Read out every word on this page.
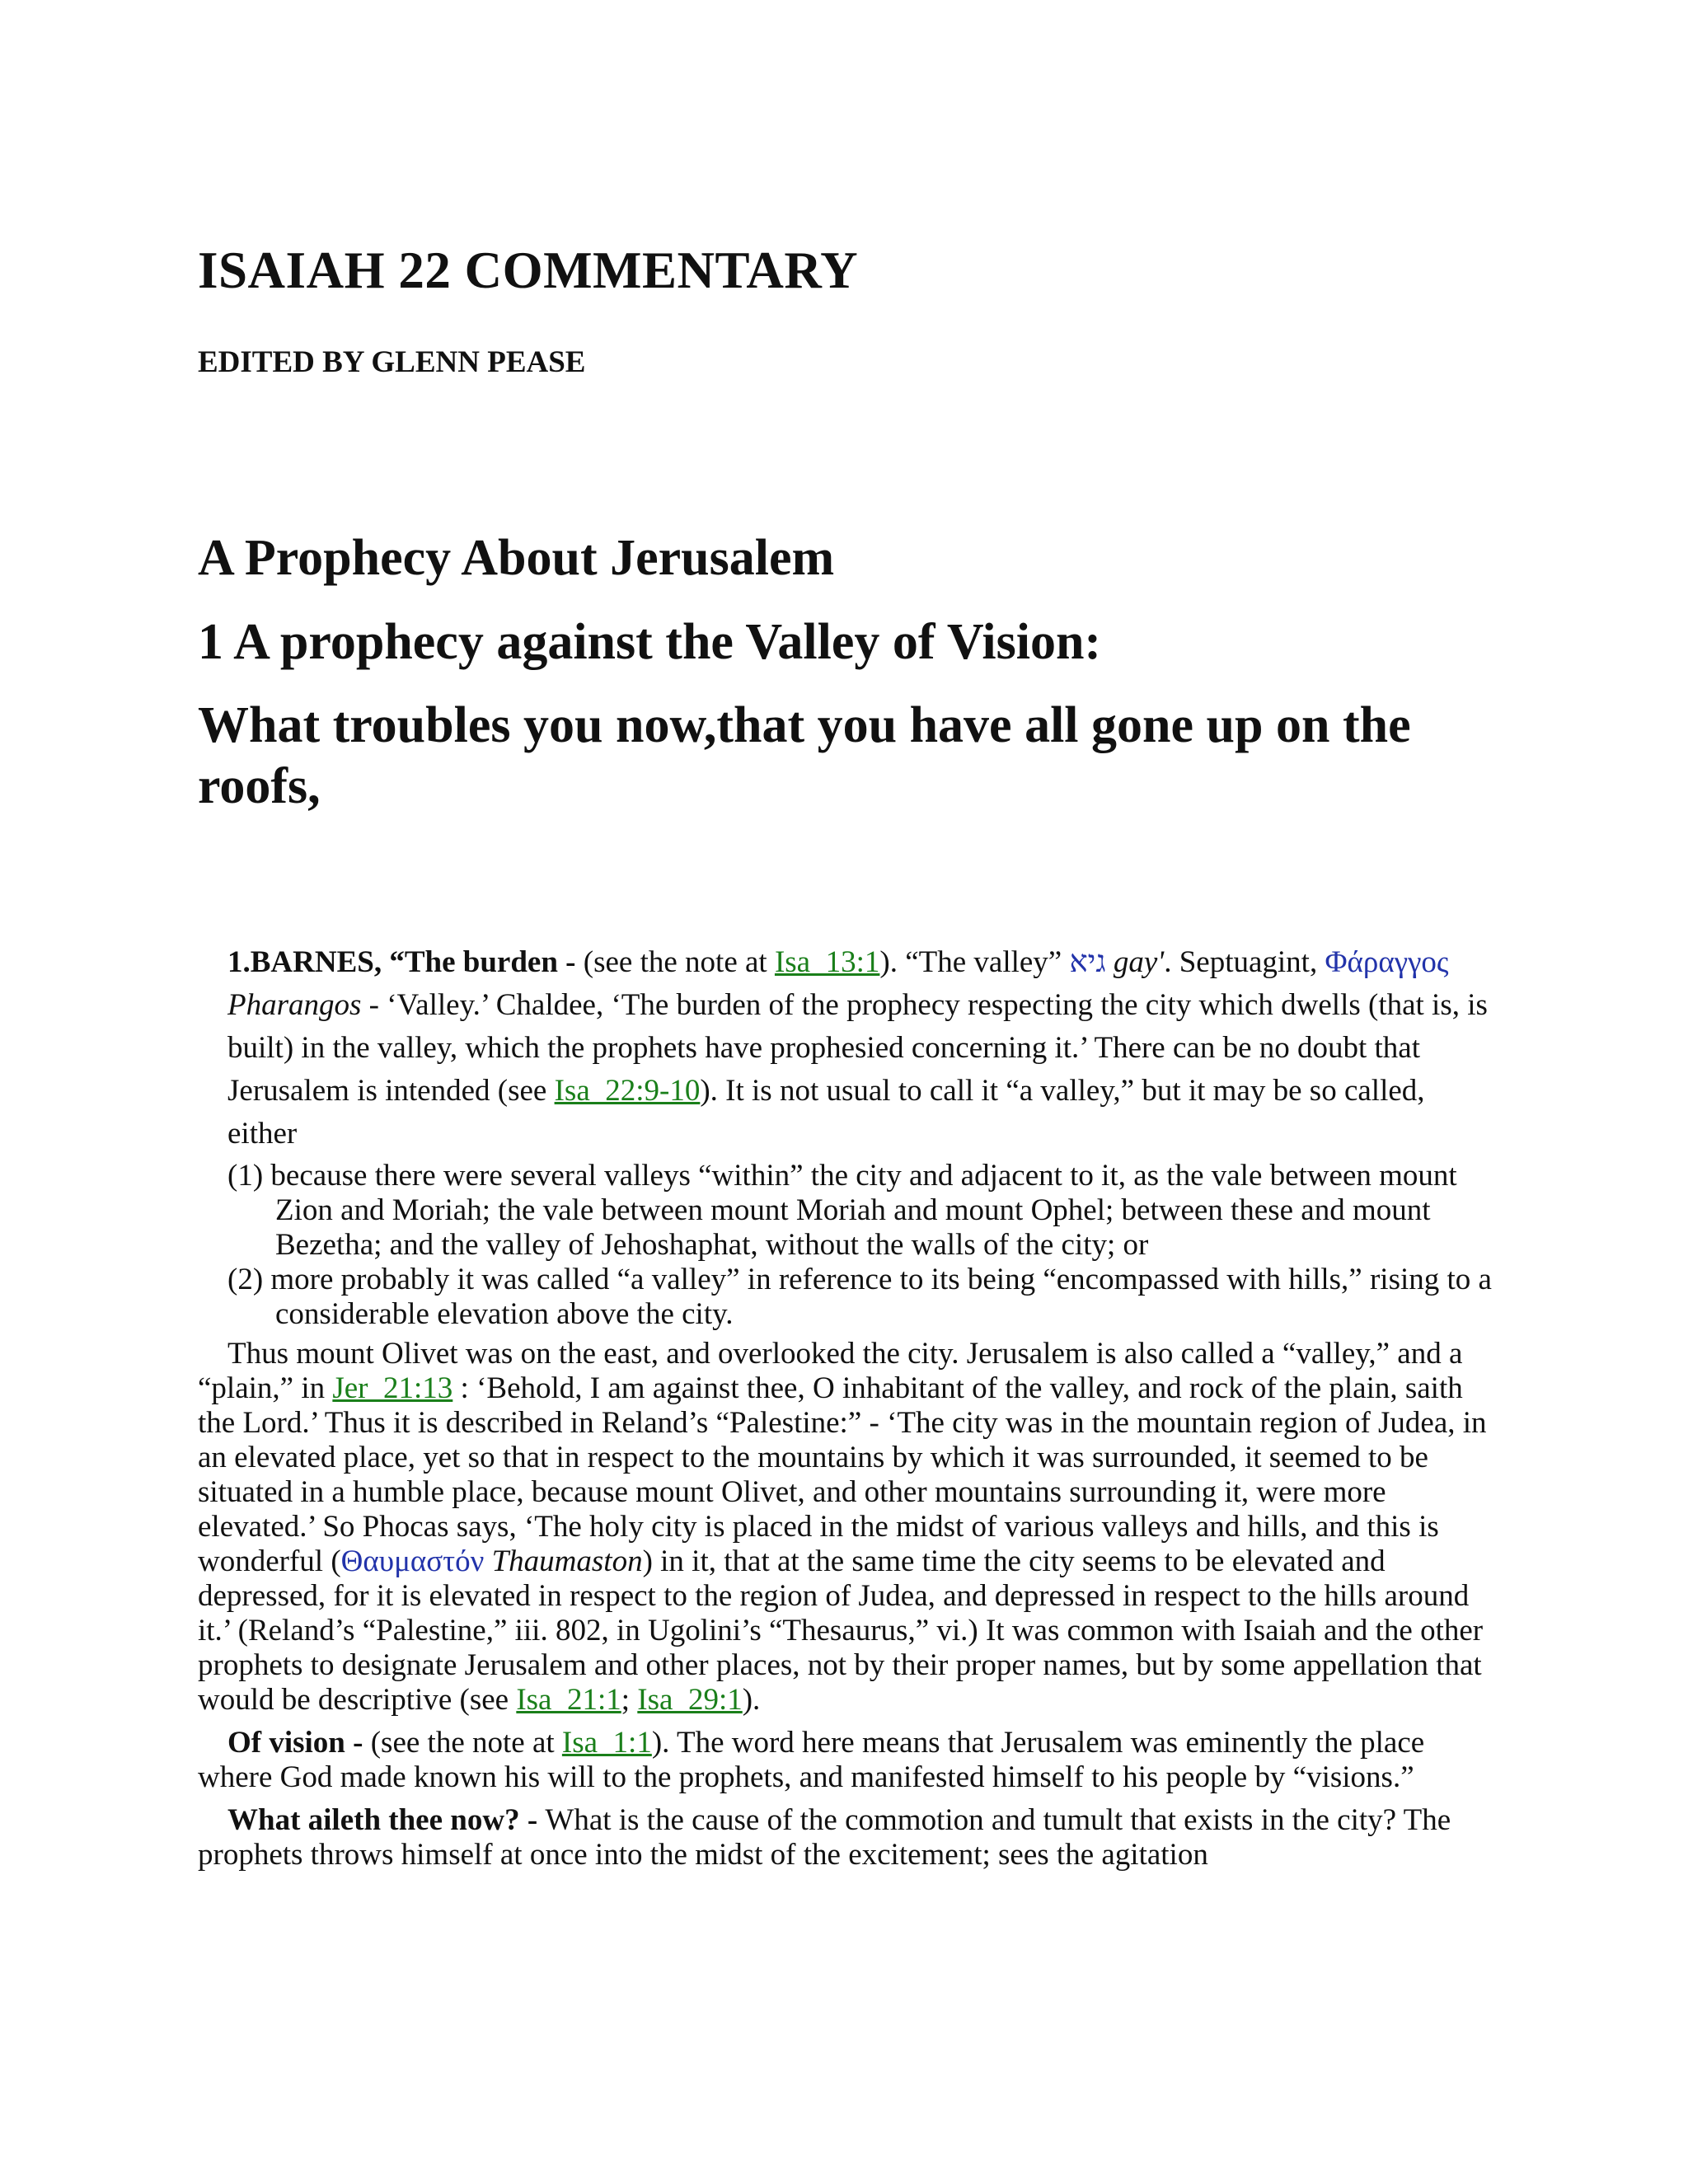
ISAIAH 22 COMMENTARY
EDITED BY GLENN PEASE
A Prophecy About Jerusalem
1 A prophecy against the Valley of Vision:
What troubles you now,that you have all gone up on the roofs,

1.BARNES, “The burden - (see the note at Isa_13:1). “The valley” גיא gay'. Septuagint, Φάραγγος Pharangos - ‘Valley.’ Chaldee, ‘The burden of the prophecy respecting the city which dwells (that is, is built) in the valley, which the prophets have prophesied concerning it.’ There can be no doubt that Jerusalem is intended (see Isa_22:9-10). It is not usual to call it “a valley,” but it may be so called, either

(1) because there were several valleys “within” the city and adjacent to it, as the vale between mount Zion and Moriah; the vale between mount Moriah and mount Ophel; between these and mount Bezetha; and the valley of Jehoshaphat, without the walls of the city; or
(2) more probably it was called “a valley” in reference to its being “encompassed with hills,” rising to a considerable elevation above the city.

Thus mount Olivet was on the east, and overlooked the city. Jerusalem is also called a “valley,” and a “plain,” in Jer_21:13 : ‘Behold, I am against thee, O inhabitant of the valley, and rock of the plain, saith the Lord.’ Thus it is described in Reland’s “Palestine:” - ‘The city was in the mountain region of Judea, in an elevated place, yet so that in respect to the mountains by which it was surrounded, it seemed to be situated in a humble place, because mount Olivet, and other mountains surrounding it, were more elevated.’ So Phocas says, ‘The holy city is placed in the midst of various valleys and hills, and this is wonderful (Θαυμαστόν Thaumaston) in it, that at the same time the city seems to be elevated and depressed, for it is elevated in respect to the region of Judea, and depressed in respect to the hills around it.’ (Reland’s “Palestine,” iii. 802, in Ugolini’s “Thesaurus,” vi.) It was common with Isaiah and the other prophets to designate Jerusalem and other places, not by their proper names, but by some appellation that would be descriptive (see Isa_21:1; Isa_29:1).

Of vision - (see the note at Isa_1:1). The word here means that Jerusalem was eminently the place where God made known his will to the prophets, and manifested himself to his people by “visions.”

What aileth thee now? - What is the cause of the commotion and tumult that exists in the city? The prophets throws himself at once into the midst of the excitement; sees the agitation
